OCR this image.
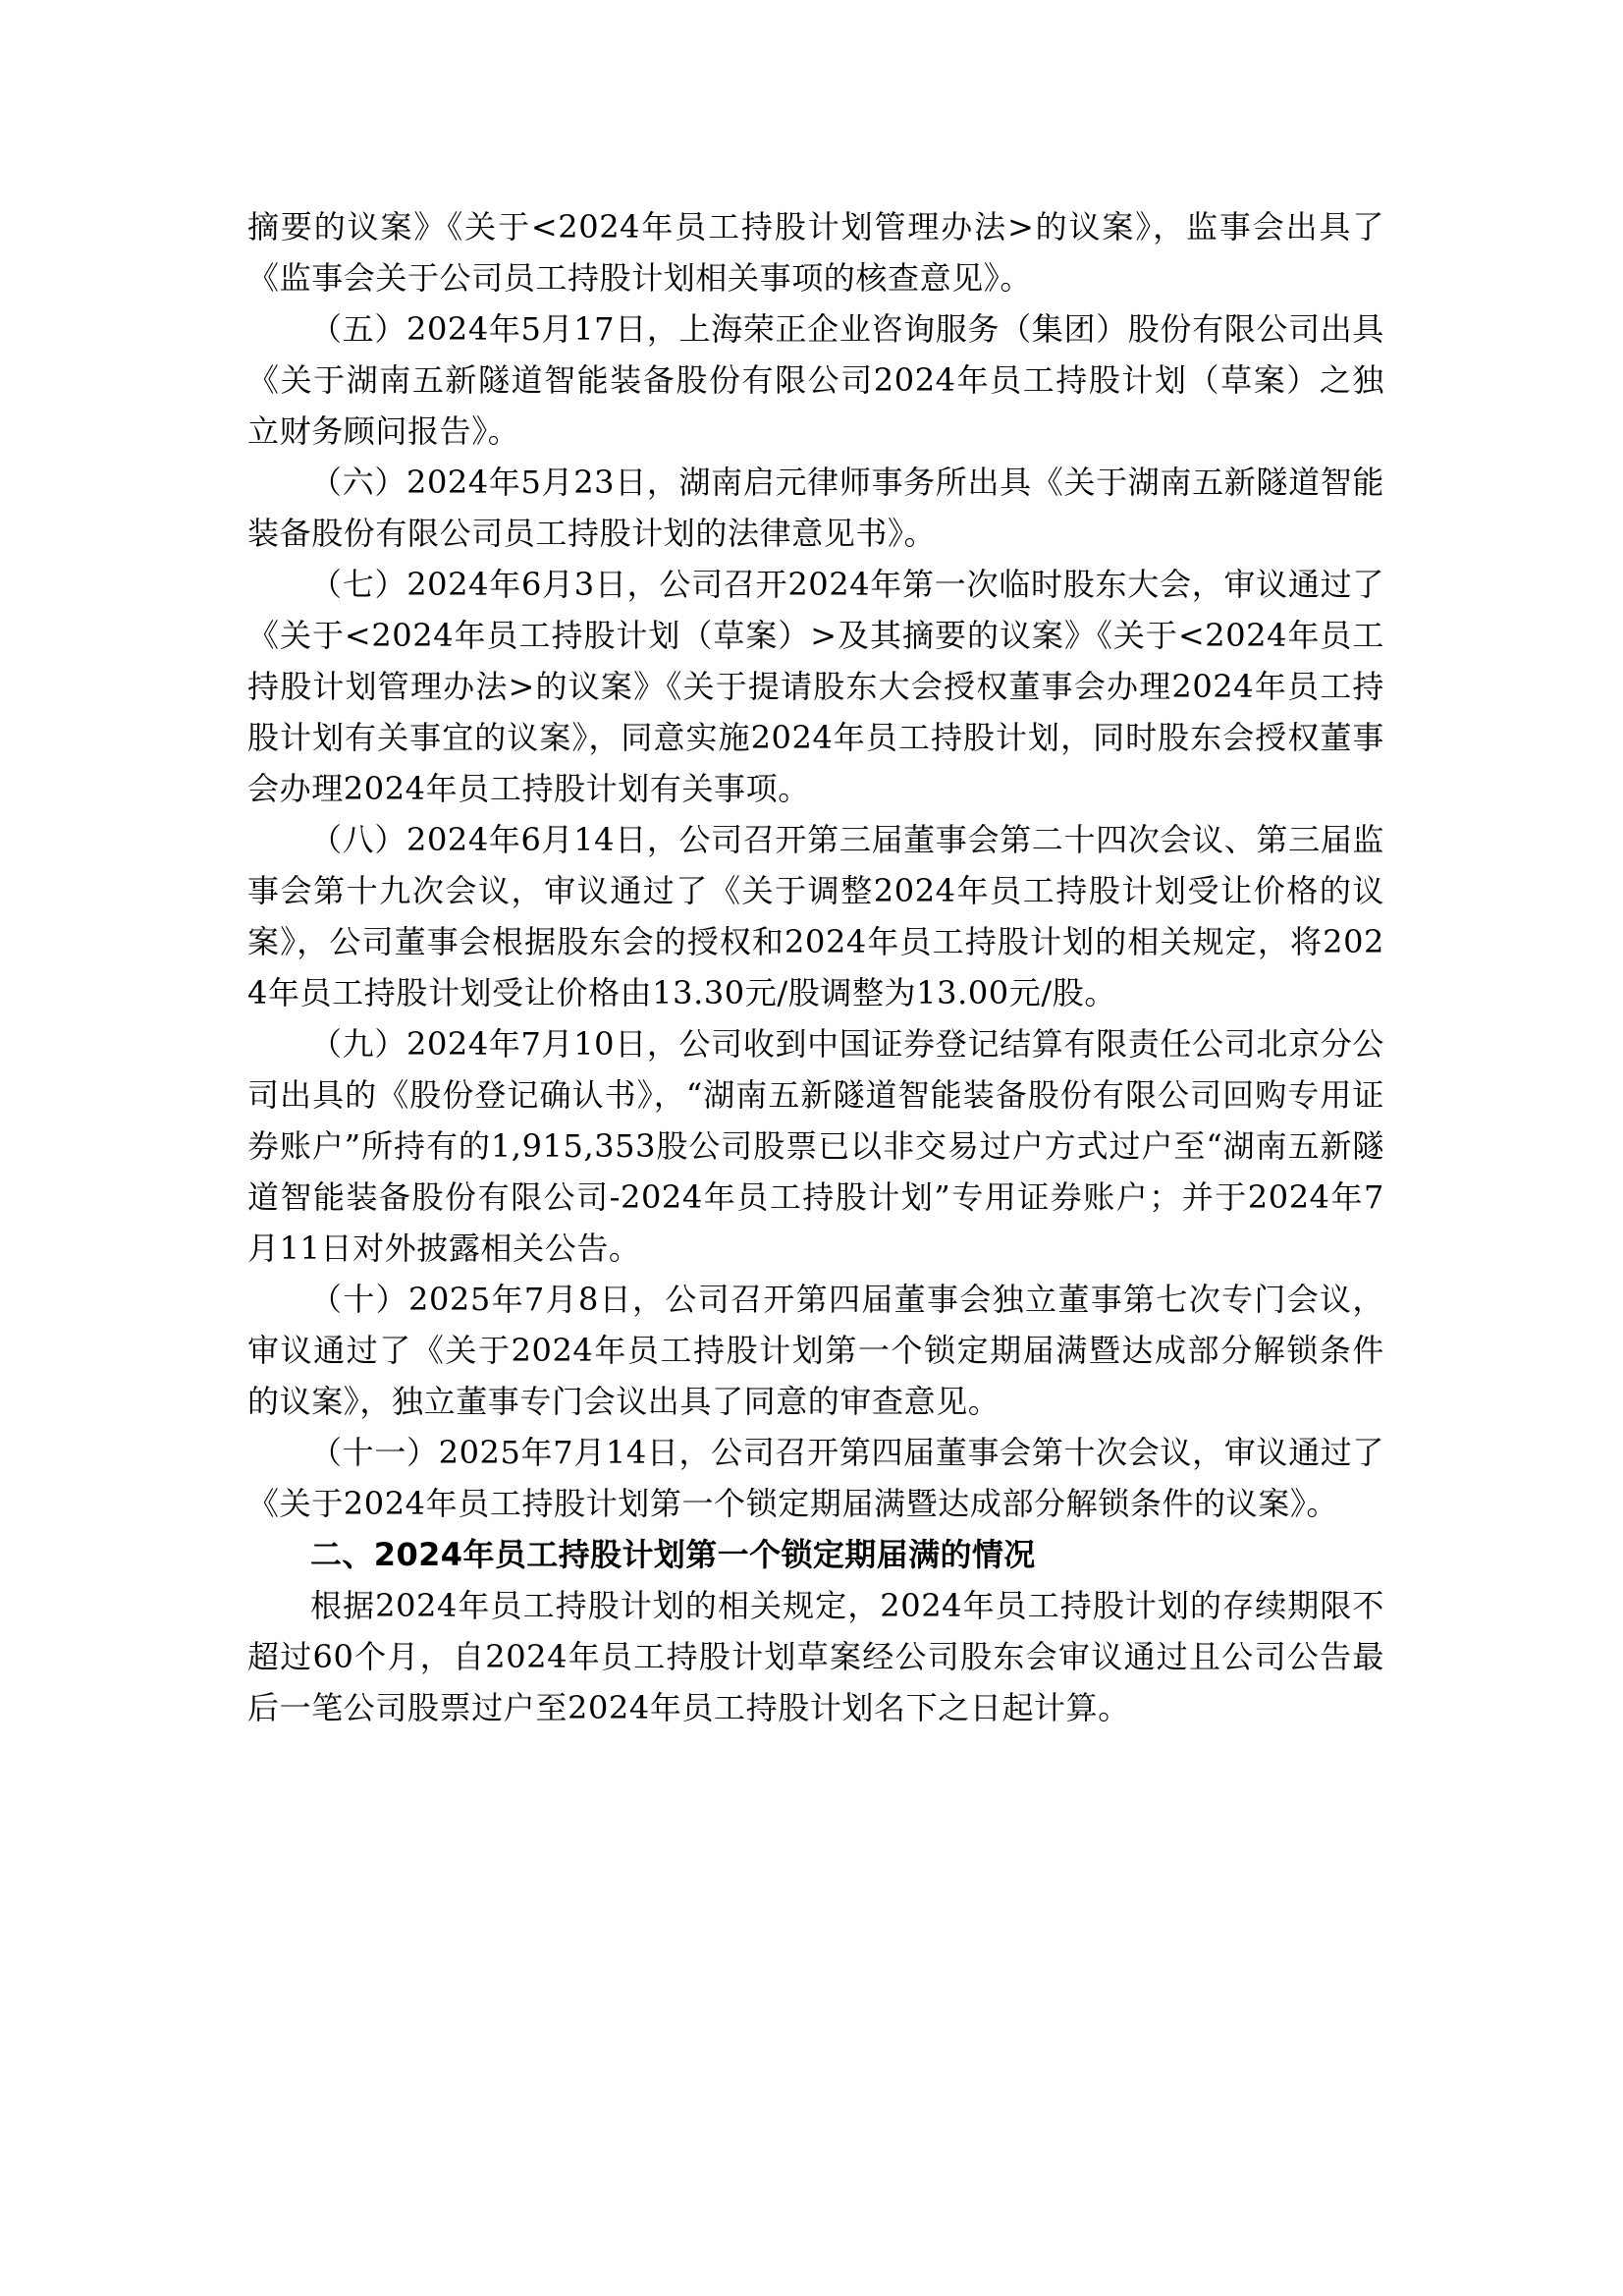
摘要的议案》《关于<2024年员工持股计划管理办法>的议案》，监事会出具了《监事会关于公司员工持股计划相关事项的核查意见》。

（五）2024年5月17日，上海荣正企业咨询服务（集团）股份有限公司出具《关于湖南五新隧道智能装备股份有限公司2024年员工持股计划（草案）之独立财务顾问报告》。

（六）2024年5月23日，湖南启元律师事务所出具《关于湖南五新隧道智能装备股份有限公司员工持股计划的法律意见书》。

（七）2024年6月3日，公司召开2024年第一次临时股东大会，审议通过了《关于<2024年员工持股计划（草案）>及其摘要的议案》《关于<2024年员工持股计划管理办法>的议案》《关于提请股东大会授权董事会办理2024年员工持股计划有关事宜的议案》，同意实施2024年员工持股计划，同时股东会授权董事会办理2024年员工持股计划有关事项。

（八）2024年6月14日，公司召开第三届董事会第二十四次会议、第三届监事会第十九次会议，审议通过了《关于调整2024年员工持股计划受让价格的议案》，公司董事会根据股东会的授权和2024年员工持股计划的相关规定，将2024年员工持股计划受让价格由13.30元/股调整为13.00元/股。

（九）2024年7月10日，公司收到中国证券登记结算有限责任公司北京分公司出具的《股份登记确认书》，“湖南五新隧道智能装备股份有限公司回购专用证券账户”所持有的1,915,353股公司股票已以非交易过户方式过户至“湖南五新隧道智能装备股份有限公司-2024年员工持股计划”专用证券账户；并于2024年7月11日对外披露相关公告。

（十）2025年7月8日，公司召开第四届董事会独立董事第七次专门会议，审议通过了《关于2024年员工持股计划第一个锁定期届满暨达成部分解锁条件的议案》，独立董事专门会议出具了同意的审查意见。

（十一）2025年7月14日，公司召开第四届董事会第十次会议，审议通过了《关于2024年员工持股计划第一个锁定期届满暨达成部分解锁条件的议案》。

二、2024年员工持股计划第一个锁定期届满的情况

根据2024年员工持股计划的相关规定，2024年员工持股计划的存续期限不超过60个月，自2024年员工持股计划草案经公司股东会审议通过且公司公告最后一笔公司股票过户至2024年员工持股计划名下之日起计算。
